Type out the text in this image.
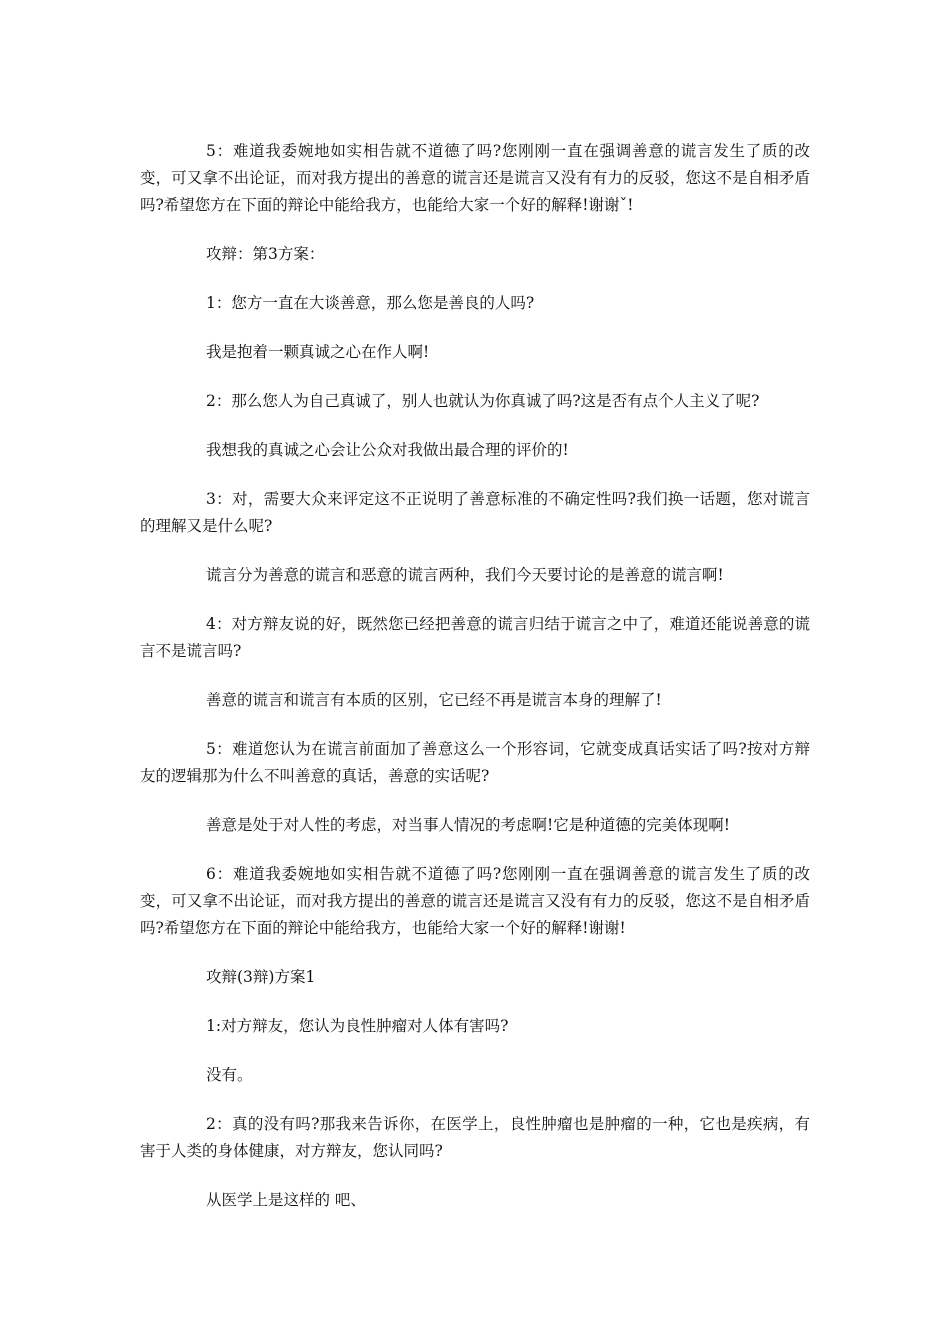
5：难道我委婉地如实相告就不道德了吗?您刚刚一直在强调善意的谎言发生了质的改变，可又拿不出论证，而对我方提出的善意的谎言还是谎言又没有有力的反驳，您这不是自相矛盾吗?希望您方在下面的辩论中能给我方，也能给大家一个好的解释!谢谢ˇ!

攻辩：第3方案：

1：您方一直在大谈善意，那么您是善良的人吗?

我是抱着一颗真诚之心在作人啊!

2：那么您人为自己真诚了，别人也就认为你真诚了吗?这是否有点个人主义了呢?

我想我的真诚之心会让公众对我做出最合理的评价的!

3：对，需要大众来评定这不正说明了善意标准的不确定性吗?我们换一话题，您对谎言的理解又是什么呢?

谎言分为善意的谎言和恶意的谎言两种，我们今天要讨论的是善意的谎言啊!

4：对方辩友说的好，既然您已经把善意的谎言归结于谎言之中了，难道还能说善意的谎言不是谎言吗?

善意的谎言和谎言有本质的区别，它已经不再是谎言本身的理解了!

5：难道您认为在谎言前面加了善意这么一个形容词，它就变成真话实话了吗?按对方辩友的逻辑那为什么不叫善意的真话，善意的实话呢?

善意是处于对人性的考虑，对当事人情况的考虑啊!它是种道德的完美体现啊!

6：难道我委婉地如实相告就不道德了吗?您刚刚一直在强调善意的谎言发生了质的改变，可又拿不出论证，而对我方提出的善意的谎言还是谎言又没有有力的反驳，您这不是自相矛盾吗?希望您方在下面的辩论中能给我方，也能给大家一个好的解释!谢谢!

攻辩(3辩)方案1

1:对方辩友，您认为良性肿瘤对人体有害吗?

没有。

2：真的没有吗?那我来告诉你，在医学上，良性肿瘤也是肿瘤的一种，它也是疾病，有害于人类的身体健康，对方辩友，您认同吗?

从医学上是这样的 吧、
